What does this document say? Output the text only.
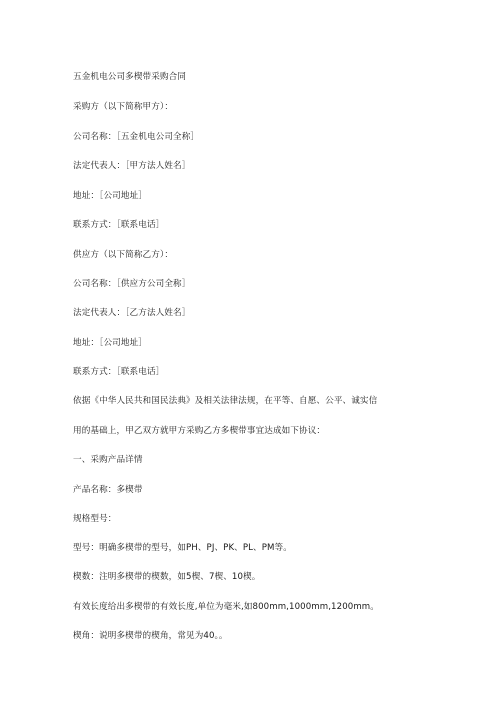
五金机电公司多楔带采购合同
采购方（以下简称甲方）：
公司名称：［五金机电公司全称］
法定代表人：［甲方法人姓名］
地址：［公司地址］
联系方式：［联系电话］
供应方（以下简称乙方）：
公司名称：［供应方公司全称］
法定代表人：［乙方法人姓名］
地址：［公司地址］
联系方式：［联系电话］
依据《中华人民共和国民法典》及相关法律法规，在平等、自愿、公平、诚实信
用的基础上，甲乙双方就甲方采购乙方多楔带事宜达成如下协议：
一、采购产品详情
产品名称：多楔带
规格型号：
型号：明确多楔带的型号，如PH、PJ、PK、PL、PM等。
楔数：注明多楔带的楔数，如5楔、7楔、10楔。
有效长度给出多楔带的有效长度,单位为毫米,如800mm,1000mm,1200mm。
楔角：说明多楔带的楔角，常见为40。。
